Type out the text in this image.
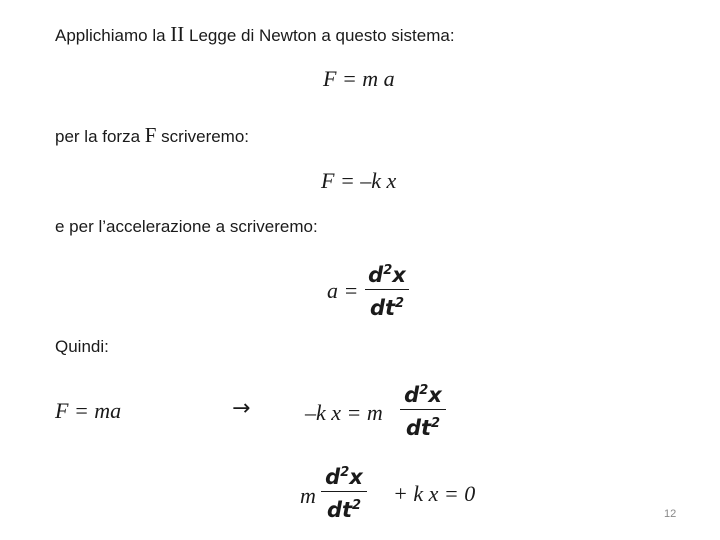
Applichiamo la II Legge di Newton a questo sistema:
F = m a
per la forza F scriveremo:
F = –k x
e per l’accelerazione a scriveremo:
a =
$d^2x$
$dt^2$
Quindi:
F = ma	→ –k x = m
$d^2x$
$dt^2$
m
$d^2x$
$dt^2 + k$ x = 0
12
